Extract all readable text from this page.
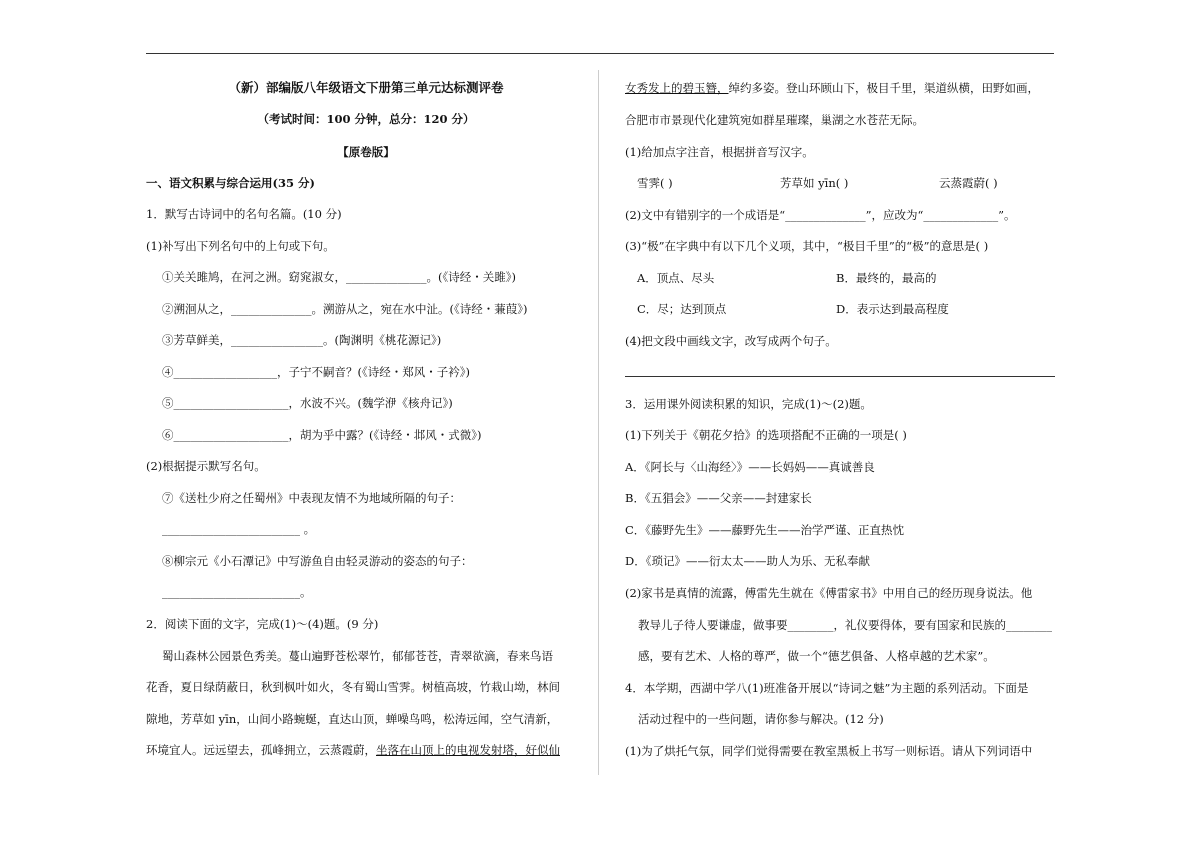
（新）部编版八年级语文下册第三单元达标测评卷
（考试时间：100 分钟，总分：120 分）
【原卷版】
一、语文积累与综合运用(35 分)
1．默写古诗词中的名句名篇。(10 分)
(1)补写出下列名句中的上句或下句。
①关关雎鸠，在河之洲。窈窕淑女，______________。(《诗经・关雎》)
②溯洄从之，______________。溯游从之，宛在水中沚。(《诗经・蒹葭》)
③芳草鲜美，________________。(陶渊明《桃花源记》)
④__________________，子宁不嗣音？(《诗经・郑风・子衿》)
⑤____________________，水波不兴。(魏学洢《核舟记》)
⑥____________________，胡为乎中露？(《诗经・邶风・式微》)
(2)根据提示默写名句。
⑦《送杜少府之任蜀州》中表现友情不为地域所隔的句子：
________________________ 。
⑧柳宗元《小石潭记》中写游鱼自由轻灵游动的姿态的句子：
________________________。
2．阅读下面的文字，完成(1)～(4)题。(9 分)
蜀山森林公园景色秀美。蔓山遍野苍松翠竹，郁郁苍苍，青翠欲滴，春来鸟语
花香，夏日绿荫蔽日，秋到枫叶如火，冬有蜀山雪霁。树植高坡，竹栽山坳，林间
隙地，芳草如 yīn，山间小路蜿蜒，直达山顶，蝉噪鸟鸣，松涛远闻，空气清新，
环境宜人。远远望去，孤峰拥立，云蒸霞蔚，坐落在山顶上的电视发射塔，好似仙
女秀发上的碧玉簪，绰约多姿。登山环顾山下，极目千里，渠道纵横，田野如画，
合肥市市景现代化建筑宛如群星璀璨，巢湖之水苍茫无际。
(1)给加点字注音，根据拼音写汉字。
雪霁( )	芳草如 yīn( )	云蒸霞蔚( )
(2)文中有错别字的一个成语是“______________”，应改为“_____________”。
(3)“极”在字典中有以下几个义项，其中，“极目千里”的“极”的意思是( )
A．顶点、尽头	B．最终的，最高的
C．尽；达到顶点	D．表示达到最高程度
(4)把文段中画线文字，改写成两个句子。
3．运用课外阅读积累的知识，完成(1)～(2)题。
(1)下列关于《朝花夕拾》的选项搭配不正确的一项是( )
A．《阿长与〈山海经〉》——长妈妈——真诚善良
B．《五猖会》——父亲——封建家长
C．《藤野先生》——藤野先生——治学严谨、正直热忱
D．《琐记》——衍太太——助人为乐、无私奉献
(2)家书是真情的流露，傅雷先生就在《傅雷家书》中用自己的经历现身说法。他
教导儿子待人要谦虚，做事要________，礼仪要得体，要有国家和民族的________
感，要有艺术、人格的尊严，做一个“德艺俱备、人格卓越的艺术家”。
4．本学期，西湖中学八(1)班准备开展以“诗词之魅”为主题的系列活动。下面是
活动过程中的一些问题，请你参与解决。(12 分)
(1)为了烘托气氛，同学们觉得需要在教室黑板上书写一则标语。请从下列词语中
